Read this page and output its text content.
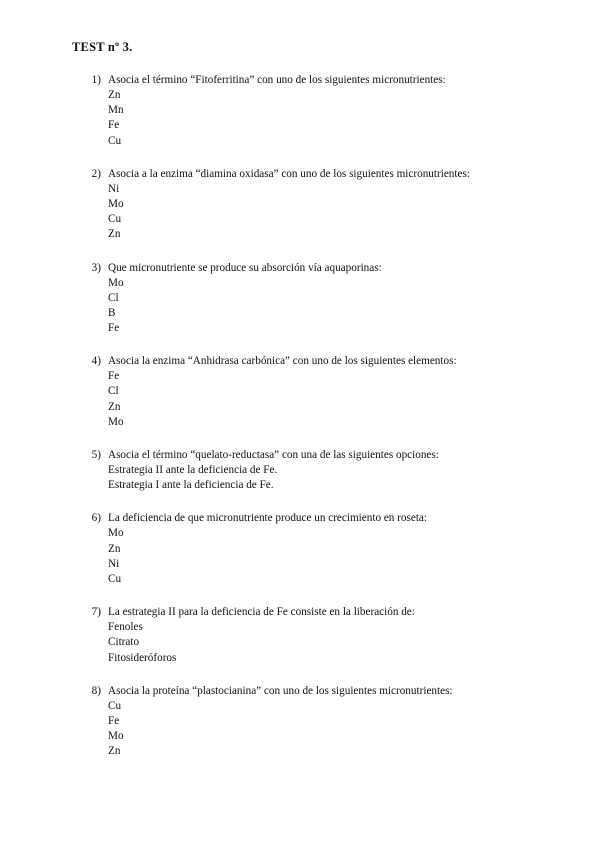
TEST nº 3.
1) Asocia el término “Fitoferritina” con uno de los siguientes micronutrientes:
Zn
Mn
Fe
Cu
2) Asocia a la enzima “diamina oxidasa” con uno de los siguientes micronutrientes:
Ni
Mo
Cu
Zn
3) Que micronutriente se produce su absorción vía aquaporinas:
Mo
Cl
B
Fe
4) Asocia la enzima “Anhidrasa carbónica” con uno de los siguientes elementos:
Fe
Cl
Zn
Mo
5) Asocia el término “quelato-reductasa” con una de las siguientes opciones:
Estrategia II ante la deficiencia de Fe.
Estrategia I ante la deficiencia de Fe.
6) La deficiencia de que micronutriente produce un crecimiento en roseta:
Mo
Zn
Ni
Cu
7) La estrategia II para la deficiencia de Fe consiste en la liberación de:
Fenoles
Citrato
Fitosideróforos
8) Asocia la proteína “plastocianina” con uno de los siguientes micronutrientes:
Cu
Fe
Mo
Zn
